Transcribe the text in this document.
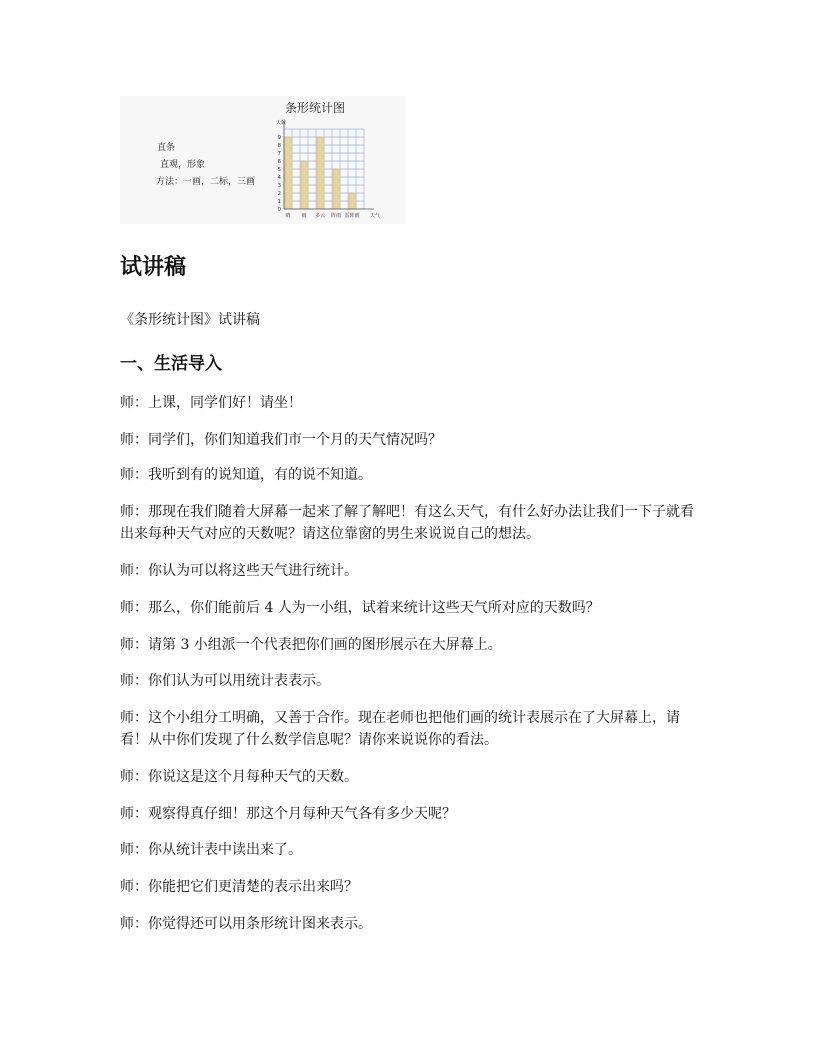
条形统计图
直条
直观，形象
方法：一画，二标，三画
0
1
2
3
4
5
6
7
8
9
晴 雨 多云 阵雨 雷阵雨
天数
天气
试讲稿
《条形统计图》试讲稿
一、生活导入

师：上课，同学们好！请坐！

师：同学们，你们知道我们市一个月的天气情况吗？

师：我听到有的说知道，有的说不知道。

师：那现在我们随着大屏幕一起来了解了解吧！有这么天气，有什么好办法让我们一下子就看出来每种天气对应的天数呢？请这位靠窗的男生来说说自己的想法。

师：你认为可以将这些天气进行统计。

师：那么，你们能前后 4 人为一小组，试着来统计这些天气所对应的天数吗？

师：请第 3 小组派一个代表把你们画的图形展示在大屏幕上。

师：你们认为可以用统计表表示。

师：这个小组分工明确，又善于合作。现在老师也把他们画的统计表展示在了大屏幕上，请看！从中你们发现了什么数学信息呢？请你来说说你的看法。

师：你说这是这个月每种天气的天数。

师：观察得真仔细！那这个月每种天气各有多少天呢？

师：你从统计表中读出来了。

师：你能把它们更清楚的表示出来吗？

师：你觉得还可以用条形统计图来表示。
